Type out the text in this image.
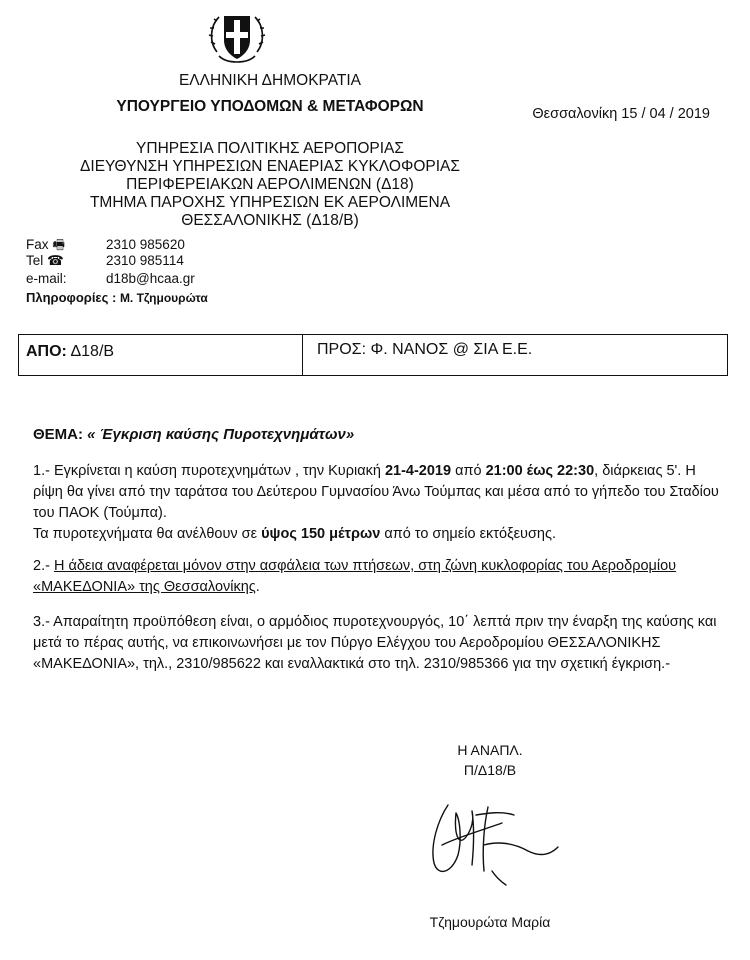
ΕΛΛΗΝΙΚΗ ΔΗΜΟΚΡΑΤΙΑ
ΥΠΟΥΡΓΕΙΟ ΥΠΟΔΟΜΩΝ & ΜΕΤΑΦΟΡΩΝ	Θεσσαλονίκη 15 / 04 / 2019
ΥΠΗΡΕΣΙΑ ΠΟΛΙΤΙΚΗΣ ΑΕΡΟΠΟΡΙΑΣ
ΔΙΕΥΘΥΝΣΗ ΥΠΗΡΕΣΙΩΝ ΕΝΑΕΡΙΑΣ ΚΥΚΛΟΦΟΡΙΑΣ
ΠΕΡΙΦΕΡΕΙΑΚΩΝ ΑΕΡΟΛΙΜΕΝΩΝ (Δ18)
ΤΜΗΜΑ ΠΑΡΟΧΗΣ ΥΠΗΡΕΣΙΩΝ ΕΚ ΑΕΡΟΛΙΜΕΝΑ
ΘΕΣΣΑΛΟΝΙΚΗΣ (Δ18/Β)
Fax 🖷	2310 985620
Tel ☎	2310 985114
e-mail:	d18b@hcaa.gr
Πληροφορίες : Μ. Τζημουρώτα
ΑΠΟ: Δ18/Β	ΠΡΟΣ: Φ. ΝΑΝΟΣ @ ΣΙΑ Ε.Ε.
ΘΕΜΑ: « Έγκριση καύσης Πυροτεχνημάτων»
1.- Εγκρίνεται η καύση πυροτεχνημάτων , την Κυριακή 21-4-2019 από 21:00 έως 22:30, διάρκειας 5'. Η ρίψη θα γίνει από την ταράτσα του Δεύτερου Γυμνασίου Άνω Τούμπας και μέσα από το γήπεδο του Σταδίου του ΠΑΟΚ (Τούμπα).
Τα πυροτεχνήματα θα ανέλθουν σε ύψος 150 μέτρων από το σημείο εκτόξευσης.
2.- Η άδεια αναφέρεται μόνον στην ασφάλεια των πτήσεων, στη ζώνη κυκλοφορίας του Αεροδρομίου «ΜΑΚΕΔΟΝΙΑ» της Θεσσαλονίκης.
3.- Απαραίτητη προϋπόθεση είναι, ο αρμόδιος πυροτεχνουργός, 10΄ λεπτά πριν την έναρξη της καύσης και μετά το πέρας αυτής, να επικοινωνήσει με τον Πύργο Ελέγχου του Αεροδρομίου ΘΕΣΣΑΛΟΝΙΚΗΣ «ΜΑΚΕΔΟΝΙΑ», τηλ., 2310/985622 και εναλλακτικά στο τηλ. 2310/985366 για την σχετική έγκριση.-
Η ΑΝΑΠΛ.
Π/Δ18/Β
Τζημουρώτα Μαρία
